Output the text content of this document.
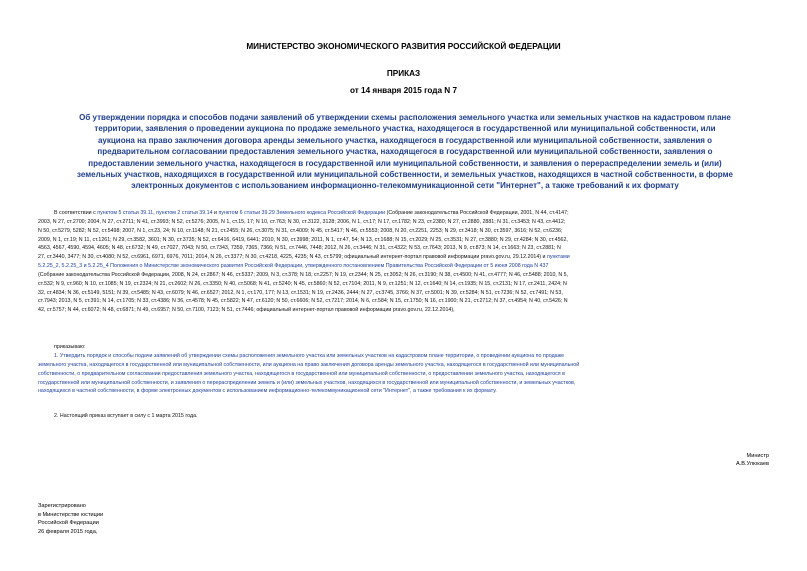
МИНИСТЕРСТВО ЭКОНОМИЧЕСКОГО РАЗВИТИЯ РОССИЙСКОЙ ФЕДЕРАЦИИ
ПРИКАЗ
от 14 января 2015 года N 7
Об утверждении порядка и способов подачи заявлений об утверждении схемы расположения земельного участка или земельных участков на кадастровом плане
территории, заявления о проведении аукциона по продаже земельного участка, находящегося в государственной или муниципальной собственности, или
аукциона на право заключения договора аренды земельного участка, находящегося в государственной или муниципальной собственности, заявления о
предварительном согласовании предоставления земельного участка, находящегося в государственной или муниципальной собственности, заявления о
предоставлении земельного участка, находящегося в государственной или муниципальной собственности, и заявления о перераспределении земель и (или)
земельных участков, находящихся в государственной или муниципальной собственности, и земельных участков, находящихся в частной собственности, в форме
электронных документов с использованием информационно-телекоммуникационной сети "Интернет", а также требований к их формату
В соответствии с пунктом 5 статьи 39.11, пунктом 2 статьи 39.14 и пунктом 6 статьи 39.29 Земельного кодекса Российской Федерации (Собрание законодательства Российской Федерации, 2001, N 44, ст.4147;
2003, N 27, ст.2700; 2004, N 27, ст.2711; N 41, ст.3993; N 52, ст.5276; 2005, N 1, ст.15, 17; N 10, ст.763; N 30, ст.3122, 3128; 2006, N 1, ст.17; N 17, ст.1782; N 23, ст.2380; N 27, ст.2880, 2881; N 31, ст.3453; N 43, ст.4412;
N 50, ст.5279, 5282; N 52, ст.5498; 2007, N 1, ст.23, 24; N 10, ст.1148; N 21, ст.2455; N 26, ст.3075; N 31, ст.4009; N 45, ст.5417; N 46, ст.5553; 2008, N 20, ст.2251, 2253; N 29, ст.3418; N 30, ст.3597, 3616; N 52, ст.6236;
2009, N 1, ст.19; N 11, ст.1261; N 29, ст.3582, 3601; N 30, ст.3735; N 52, ст.6416, 6419, 6441; 2010, N 30, ст.3998; 2011, N 1, ст.47, 54; N 13, ст.1688; N 15, ст.2029; N 25, ст.3531; N 27, ст.3880; N 29, ст.4284; N 30, ст.4562,
4563, 4567, 4590, 4594, 4605; N 48, ст.6732; N 49, ст.7027, 7043; N 50, ст.7343, 7359, 7365, 7366; N 51, ст.7446, 7448; 2012, N 26, ст.3446; N 31, ст.4322; N 53, ст.7643; 2013, N 9, ст.873; N 14, ст.1663; N 23, ст.2881; N
27, ст.3440, 3477; N 30, ст.4080; N 52, ст.6961, 6971, 6976, 7011; 2014, N 26, ст.3377; N 30, ст.4218, 4225, 4235; N 43, ст.5799; официальный интернет-портал правовой информации pravo.gov.ru, 29.12.2014) и пунктами
5.2.25_2, 5.2.25_3 и 5.2.25_4 Положения о Министерстве экономического развития Российской Федерации, утвержденного постановлением Правительства Российской Федерации от 5 июня 2008 года N 437
(Собрание законодательства Российской Федерации, 2008, N 24, ст.2867; N 46, ст.5337; 2009, N 3, ст.378; N 18, ст.2257; N 19, ст.2344; N 25, ст.3052; N 26, ст.3190; N 38, ст.4500; N 41, ст.4777; N 46, ст.5488; 2010, N 5,
ст.532; N 9, ст.960; N 10, ст.1085; N 19, ст.2324; N 21, ст.2602; N 26, ст.3350; N 40, ст.5068; N 41, ст.5240; N 45, ст.5860; N 52, ст.7104; 2011, N 9, ст.1251; N 12, ст.1640; N 14, ст.1935; N 15, ст.2131; N 17, ст.2411, 2424; N
32, ст.4834; N 36, ст.5149, 5151; N 39, ст.5485; N 43, ст.6079; N 46, ст.6527; 2012, N 1, ст.170, 177; N 13, ст.1531; N 19, ст.2436, 2444; N 27, ст.3745, 3766; N 37, ст.5001; N 39, ст.5284; N 51, ст.7236; N 52, ст.7491; N 53,
ст.7943; 2013, N 5, ст.391; N 14, ст.1705; N 33, ст.4386; N 36, ст.4578; N 45, ст.5822; N 47, ст.6120; N 50, ст.6606; N 52, ст.7217; 2014, N 6, ст.584; N 15, ст.1750; N 16, ст.1900; N 21, ст.2712; N 37, ст.4954; N 40, ст.5426; N
42, ст.5757; N 44, ст.6072; N 48, ст.6871; N 49, ст.6957; N 50, ст.7100, 7123; N 51, ст.7446; официальный интернет-портал правовой информации pravo.gov.ru, 22.12.2014),
приказываю:
1. Утвердить порядок и способы подачи заявлений об утверждении схемы расположения земельного участка или земельных участков на кадастровом плане территории, о проведении аукциона по продаже
земельного участка, находящегося в государственной или муниципальной собственности, или аукциона на право заключения договора аренды земельного участка, находящегося в государственной или муниципальной
собственности, о предварительном согласовании предоставления земельного участка, находящегося в государственной или муниципальной собственности, о предоставлении земельного участка, находящегося в
государственной или муниципальной собственности, и заявления о перераспределении земель и (или) земельных участков, находящихся в государственной или муниципальной собственности, и земельных участков,
находящихся в частной собственности, в форме электронных документов с использованием информационно-телекоммуникационной сети "Интернет", а также требования к их формату.
2. Настоящий приказ вступает в силу с 1 марта 2015 года.
Министр
А.В.Улюкаев
Зарегистрировано
в Министерстве юстиции
Российской Федерации
26 февраля 2015 года,
